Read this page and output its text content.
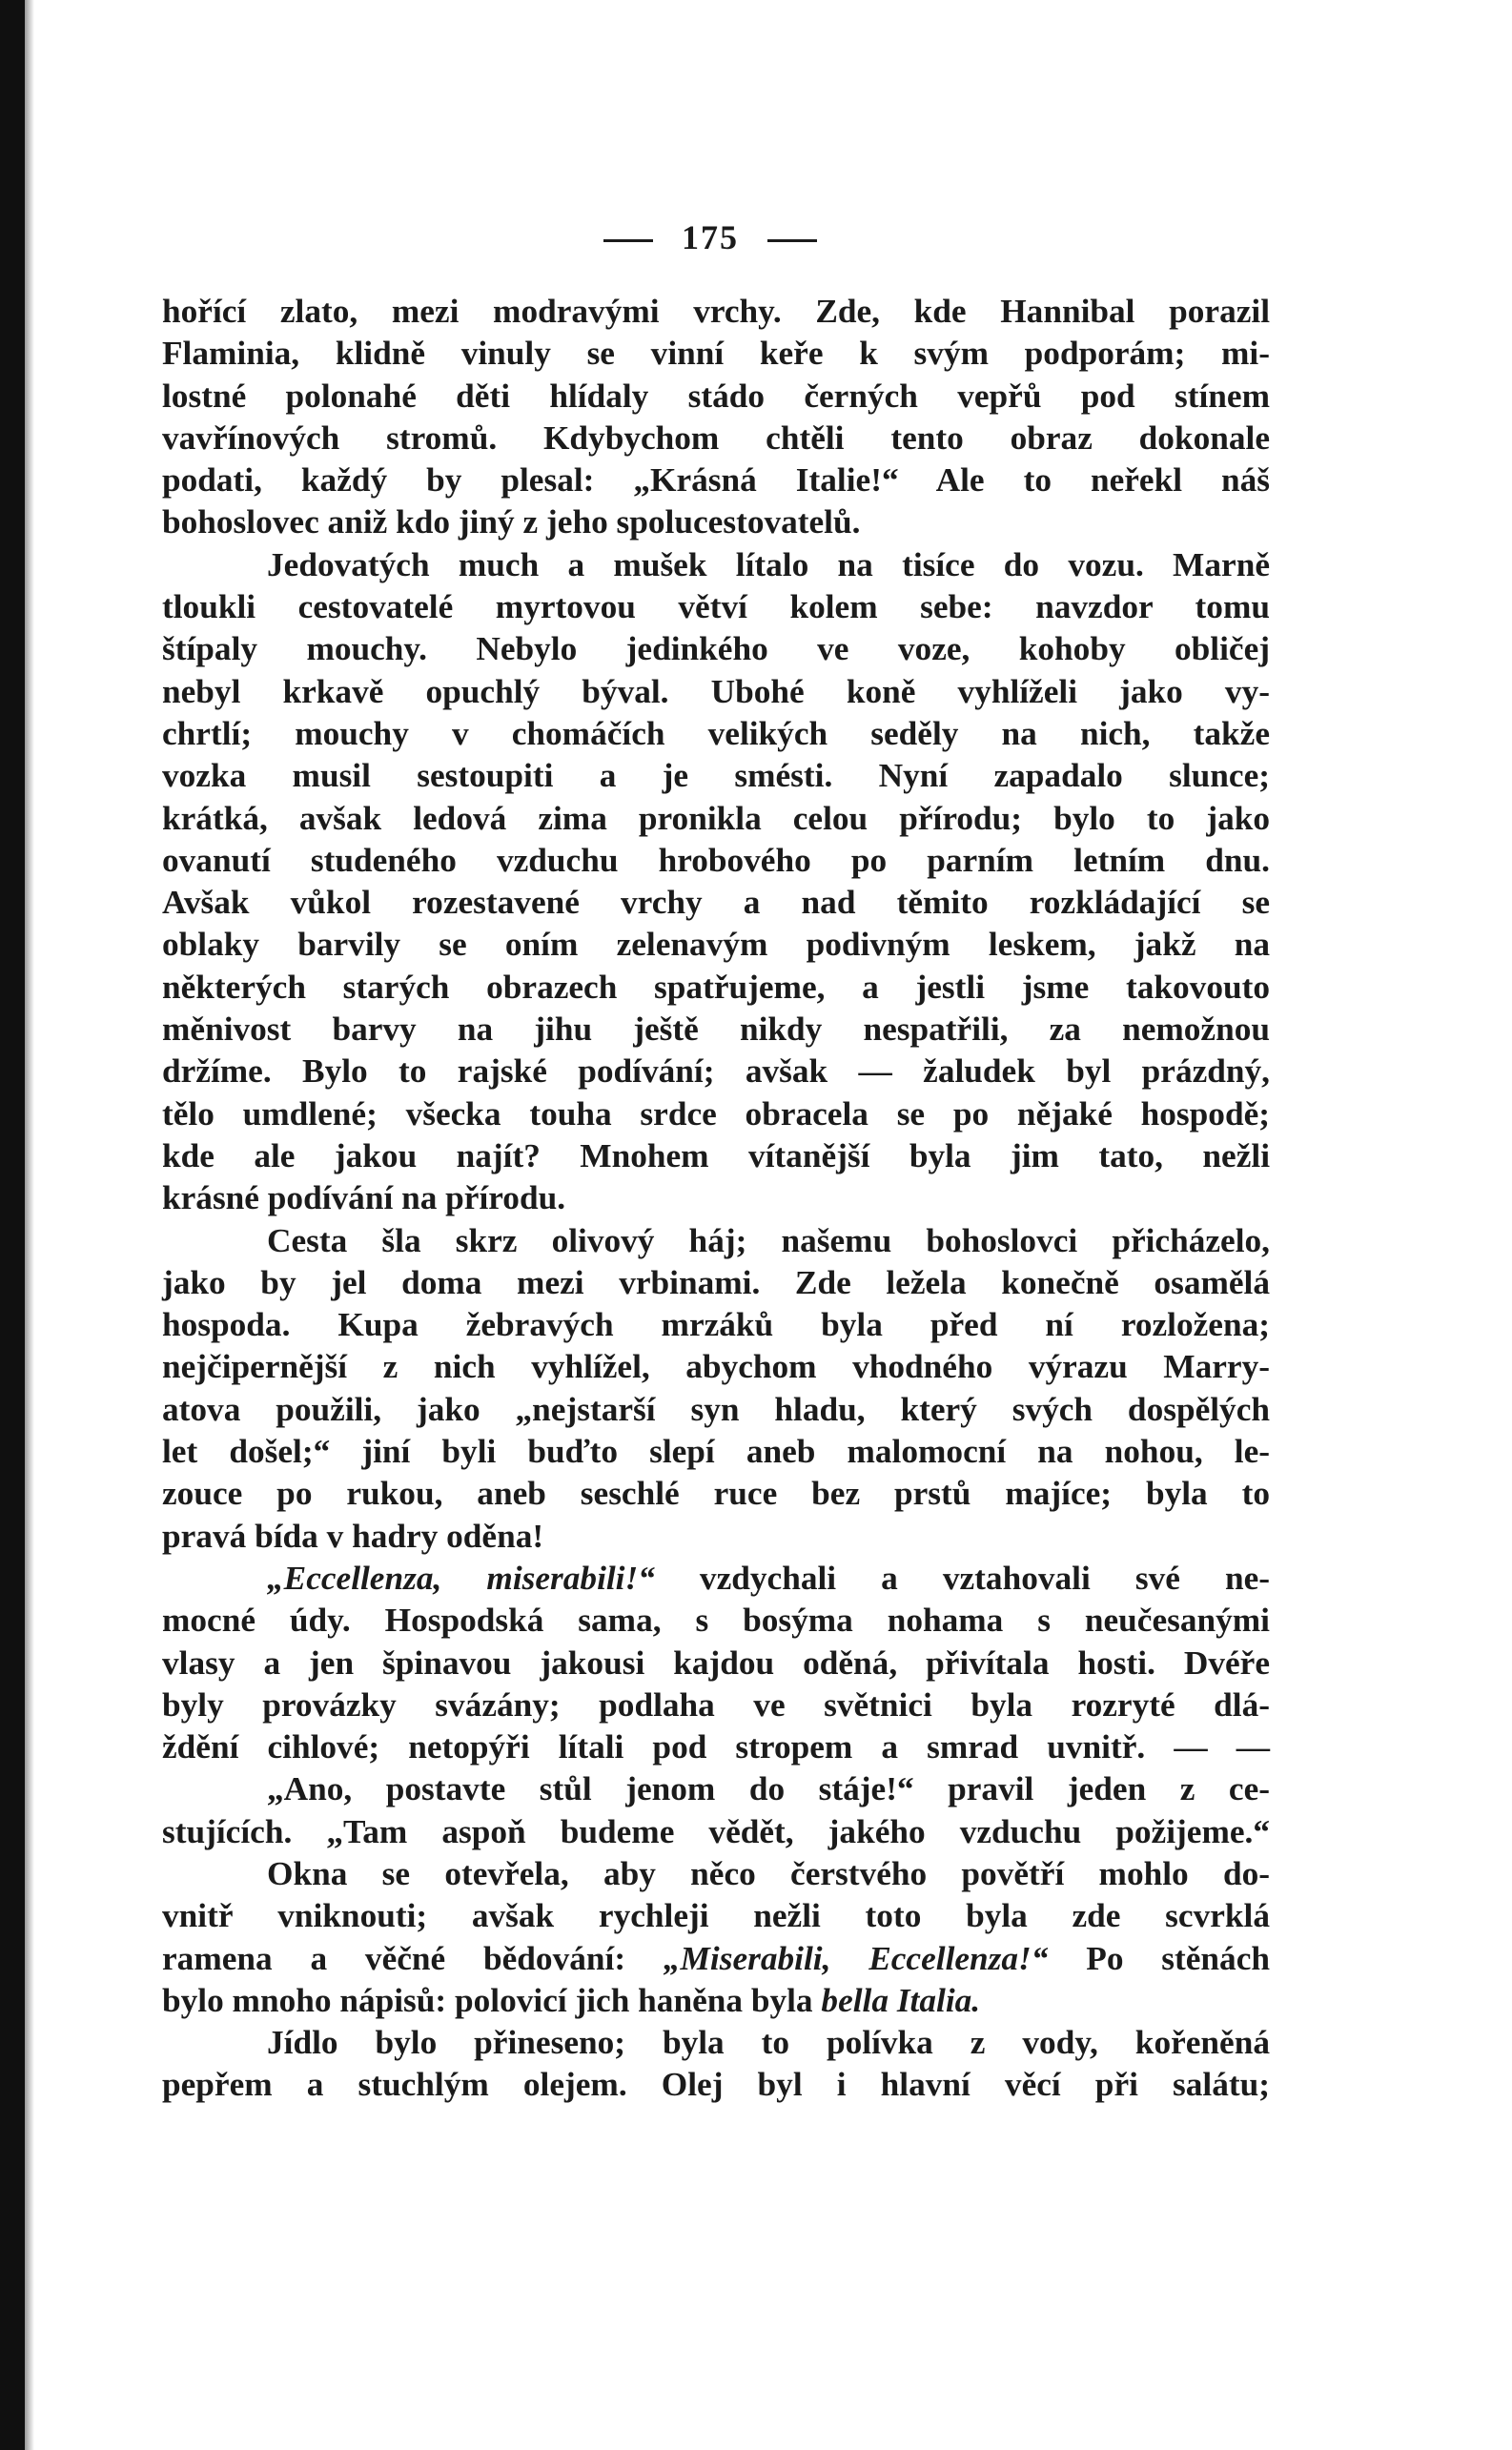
175
hořící zlato, mezi modravými vrchy. Zde, kde Hannibal porazil
Flaminia, klidně vinuly se vinní keře k svým podporám; mi-
lostné polonahé děti hlídaly stádo černých vepřů pod stínem
vavřínových stromů. Kdybychom chtěli tento obraz dokonale
podati, každý by plesal: „Krásná Italie!“ Ale to neřekl náš
bohoslovec aniž kdo jiný z jeho spolucestovatelů.
Jedovatých much a mušek lítalo na tisíce do vozu. Marně
tloukli cestovatelé myrtovou větví kolem sebe: navzdor tomu
štípaly mouchy. Nebylo jedinkého ve voze, kohoby obličej
nebyl krkavě opuchlý býval. Ubohé koně vyhlíželi jako vy-
chrtlí; mouchy v chomáčích velikých seděly na nich, takže
vozka musil sestoupiti a je smésti. Nyní zapadalo slunce;
krátká, avšak ledová zima pronikla celou přírodu; bylo to jako
ovanutí studeného vzduchu hrobového po parním letním dnu.
Avšak vůkol rozestavené vrchy a nad těmito rozkládající se
oblaky barvily se oním zelenavým podivným leskem, jakž na
některých starých obrazech spatřujeme, a jestli jsme takovouto
měnivost barvy na jihu ještě nikdy nespatřili, za nemožnou
držíme. Bylo to rajské podívání; avšak — žaludek byl prázdný,
tělo umdlené; všecka touha srdce obracela se po nějaké hospodě;
kde ale jakou najít? Mnohem vítanější byla jim tato, nežli
krásné podívání na přírodu.
Cesta šla skrz olivový háj; našemu bohoslovci přicházelo,
jako by jel doma mezi vrbinami. Zde ležela konečně osamělá
hospoda. Kupa žebravých mrzáků byla před ní rozložena;
nejčipernější z nich vyhlížel, abychom vhodného výrazu Marry-
atova použili, jako „nejstarší syn hladu, který svých dospělých
let došel;“ jiní byli buďto slepí aneb malomocní na nohou, le-
zouce po rukou, aneb seschlé ruce bez prstů majíce; byla to
pravá bída v hadry oděna!
„Eccellenza, miserabili!“ vzdychali a vztahovali své ne-
mocné údy. Hospodská sama, s bosýma nohama s neučesanými
vlasy a jen špinavou jakousi kajdou oděná, přivítala hosti. Dvéře
byly provázky svázány; podlaha ve světnici byla rozryté dlá-
ždění cihlové; netopýři lítali pod stropem a smrad uvnitř. — —
„Ano, postavte stůl jenom do stáje!“ pravil jeden z ce-
stujících. „Tam aspoň budeme vědět, jakého vzduchu požijeme.“
Okna se otevřela, aby něco čerstvého povětří mohlo do-
vnitř vniknouti; avšak rychleji nežli toto byla zde scvrklá
ramena a věčné bědování: „Miserabili, Eccellenza!“ Po stěnách
bylo mnoho nápisů: polovicí jich haněna byla bella Italia.
Jídlo bylo přineseno; byla to polívka z vody, kořeněná
pepřem a stuchlým olejem. Olej byl i hlavní věcí při salátu;
